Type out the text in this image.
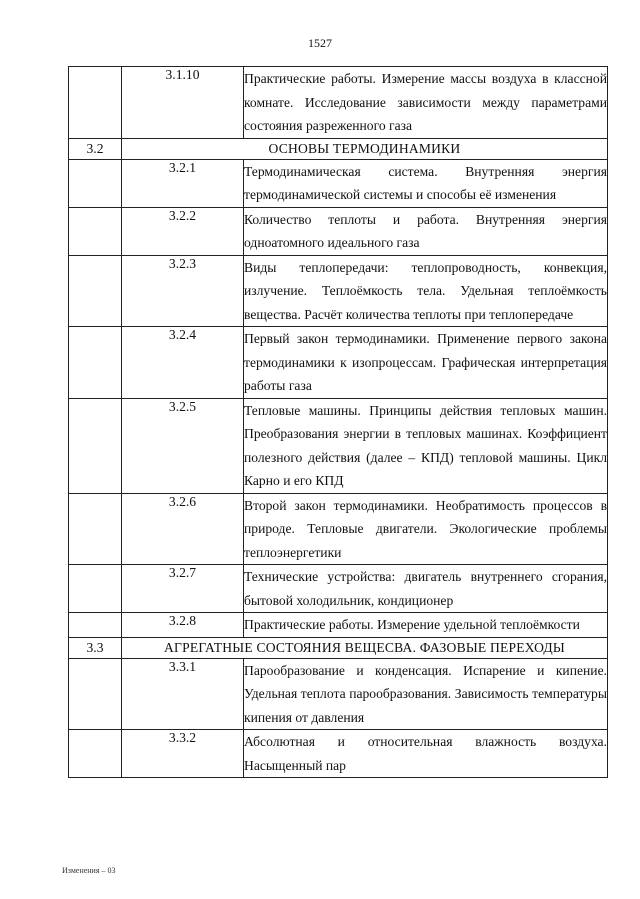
1527
	3.1.10	Практические работы. Измерение массы воздуха в классной комнате. Исследование зависимости между параметрами состояния разреженного газа
3.2	ОСНОВЫ ТЕРМОДИНАМИКИ	
	3.2.1	Термодинамическая система. Внутренняя энергия термодинамической системы и способы её изменения
	3.2.2	Количество теплоты и работа. Внутренняя энергия одноатомного идеального газа
	3.2.3	Виды теплопередачи: теплопроводность, конвекция, излучение. Теплоёмкость тела. Удельная теплоёмкость вещества. Расчёт количества теплоты при теплопередаче
	3.2.4	Первый закон термодинамики. Применение первого закона термодинамики к изопроцессам. Графическая интерпретация работы газа
	3.2.5	Тепловые машины. Принципы действия тепловых машин. Преобразования энергии в тепловых машинах. Коэффициент полезного действия (далее – КПД) тепловой машины. Цикл Карно и его КПД
	3.2.6	Второй закон термодинамики. Необратимость процессов в природе. Тепловые двигатели. Экологические проблемы теплоэнергетики
	3.2.7	Технические устройства: двигатель внутреннего сгорания, бытовой холодильник, кондиционер
	3.2.8	Практические работы. Измерение удельной теплоёмкости
3.3	АГРЕГАТНЫЕ СОСТОЯНИЯ ВЕЩЕСВА. ФАЗОВЫЕ ПЕРЕХОДЫ	
	3.3.1	Парообразование и конденсация. Испарение и кипение. Удельная теплота парообразования. Зависимость температуры кипения от давления
	3.3.2	Абсолютная и относительная влажность воздуха. Насыщенный пар
Изменения – 03
